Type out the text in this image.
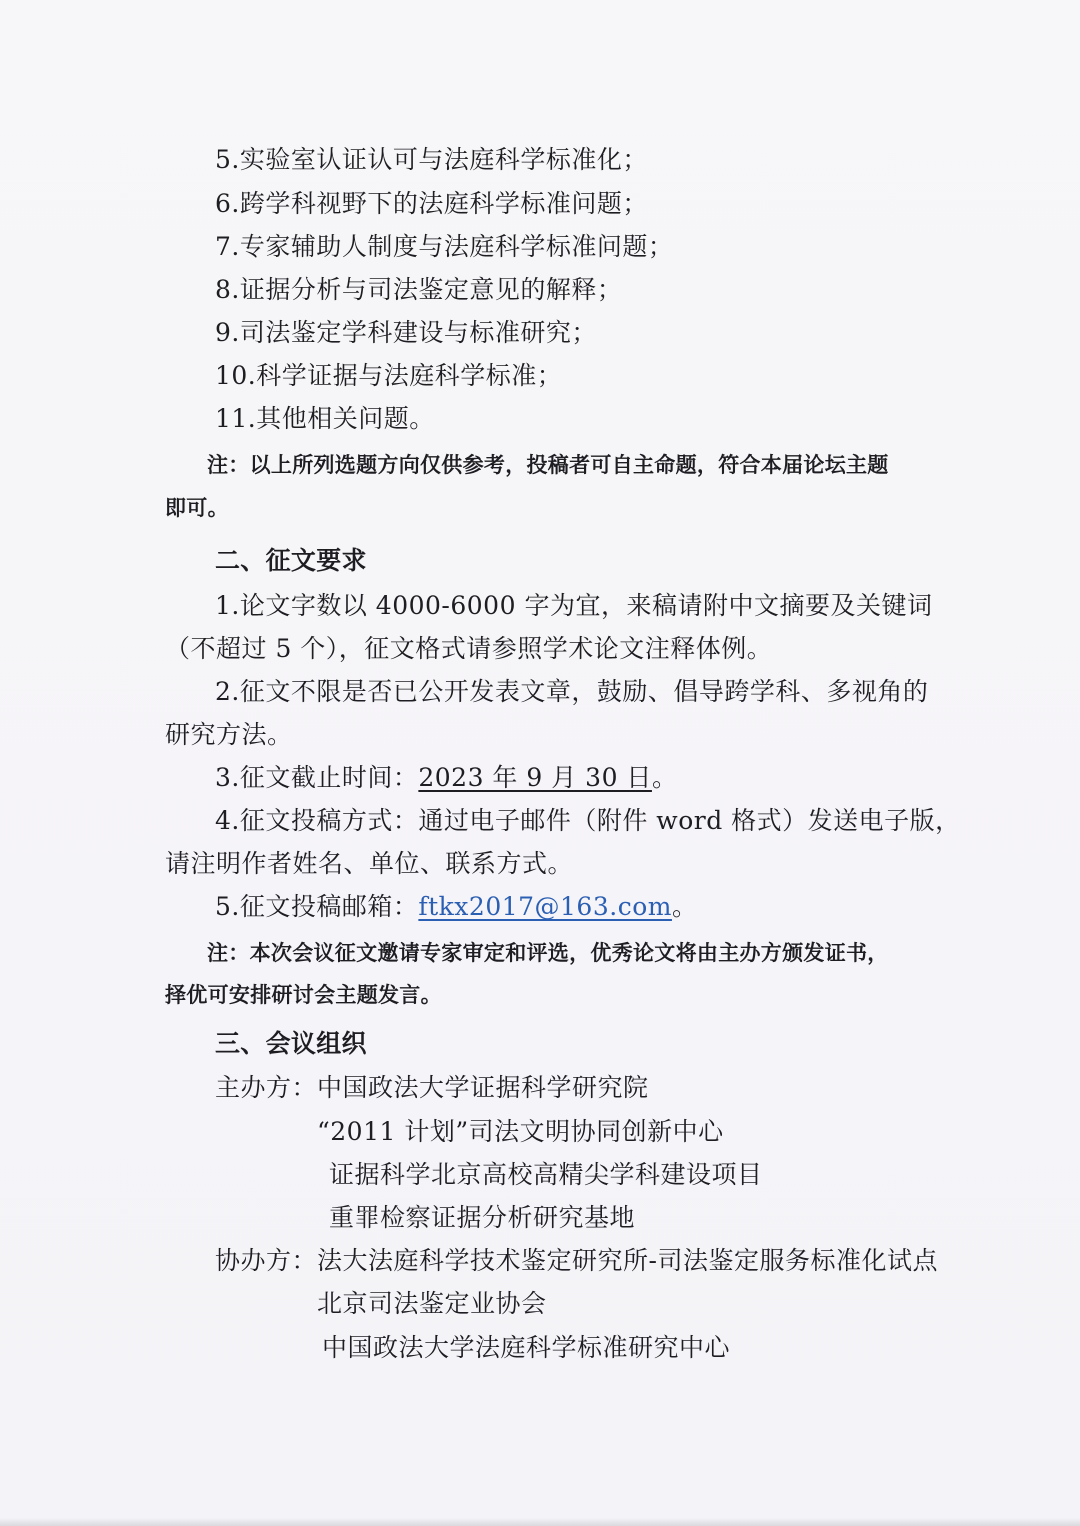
5.实验室认证认可与法庭科学标准化；
6.跨学科视野下的法庭科学标准问题；
7.专家辅助人制度与法庭科学标准问题；
8.证据分析与司法鉴定意见的解释；
9.司法鉴定学科建设与标准研究；
10.科学证据与法庭科学标准；
11.其他相关问题。
注：以上所列选题方向仅供参考，投稿者可自主命题，符合本届论坛主题
即可。
二、征文要求
1.论文字数以 4000-6000 字为宜，来稿请附中文摘要及关键词
（不超过 5 个），征文格式请参照学术论文注释体例。
2.征文不限是否已公开发表文章，鼓励、倡导跨学科、多视角的
研究方法。
3.征文截止时间：2023 年 9 月 30 日。
4.征文投稿方式：通过电子邮件（附件 word 格式）发送电子版，
请注明作者姓名、单位、联系方式。
5.征文投稿邮箱：ftkx2017@163.com。
注：本次会议征文邀请专家审定和评选，优秀论文将由主办方颁发证书，
择优可安排研讨会主题发言。
三、会议组织
主办方： 中国政法大学证据科学研究院
“2011 计划”司法文明协同创新中心
证据科学北京高校高精尖学科建设项目
重罪检察证据分析研究基地
协办方： 法大法庭科学技术鉴定研究所-司法鉴定服务标准化试点
北京司法鉴定业协会
中国政法大学法庭科学标准研究中心
